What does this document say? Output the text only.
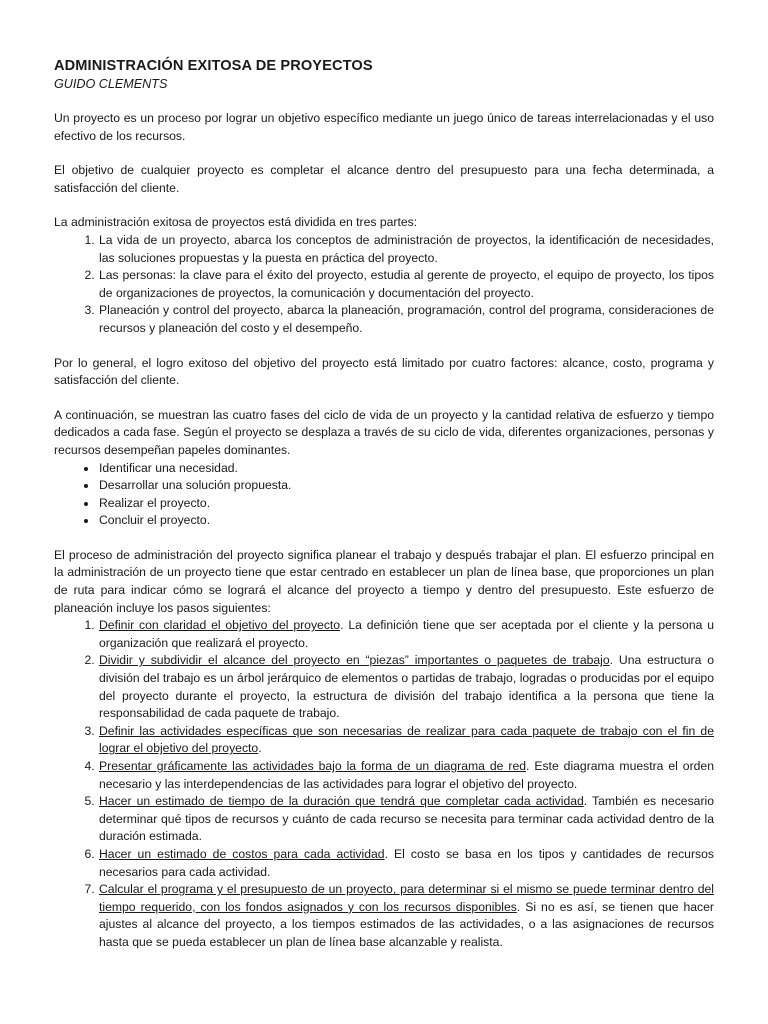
ADMINISTRACIÓN EXITOSA DE PROYECTOS
GUIDO CLEMENTS

Un proyecto es un proceso por lograr un objetivo específico mediante un juego único de tareas interrelacionadas y el uso efectivo de los recursos.

El objetivo de cualquier proyecto es completar el alcance dentro del presupuesto para una fecha determinada, a satisfacción del cliente.

La administración exitosa de proyectos está dividida en tres partes:

1. La vida de un proyecto, abarca los conceptos de administración de proyectos, la identificación de necesidades, las soluciones propuestas y la puesta en práctica del proyecto.
2. Las personas: la clave para el éxito del proyecto, estudia al gerente de proyecto, el equipo de proyecto, los tipos de organizaciones de proyectos, la comunicación y documentación del proyecto.
3. Planeación y control del proyecto, abarca la planeación, programación, control del programa, consideraciones de recursos y planeación del costo y el desempeño.

Por lo general, el logro exitoso del objetivo del proyecto está limitado por cuatro factores: alcance, costo, programa y satisfacción del cliente.

A continuación, se muestran las cuatro fases del ciclo de vida de un proyecto y la cantidad relativa de esfuerzo y tiempo dedicados a cada fase. Según el proyecto se desplaza a través de su ciclo de vida, diferentes organizaciones, personas y recursos desempeñan papeles dominantes.

• Identificar una necesidad.
• Desarrollar una solución propuesta.
• Realizar el proyecto.
• Concluir el proyecto.

El proceso de administración del proyecto significa planear el trabajo y después trabajar el plan. El esfuerzo principal en la administración de un proyecto tiene que estar centrado en establecer un plan de línea base, que proporciones un plan de ruta para indicar cómo se logrará el alcance del proyecto a tiempo y dentro del presupuesto. Este esfuerzo de planeación incluye los pasos siguientes:

1. Definir con claridad el objetivo del proyecto. La definición tiene que ser aceptada por el cliente y la persona u organización que realizará el proyecto.
2. Dividir y subdividir el alcance del proyecto en “piezas” importantes o paquetes de trabajo. Una estructura o división del trabajo es un árbol jerárquico de elementos o partidas de trabajo, logradas o producidas por el equipo del proyecto durante el proyecto, la estructura de división del trabajo identifica a la persona que tiene la responsabilidad de cada paquete de trabajo.
3. Definir las actividades específicas que son necesarias de realizar para cada paquete de trabajo con el fin de lograr el objetivo del proyecto.
4. Presentar gráficamente las actividades bajo la forma de un diagrama de red. Este diagrama muestra el orden necesario y las interdependencias de las actividades para lograr el objetivo del proyecto.
5. Hacer un estimado de tiempo de la duración que tendrá que completar cada actividad. También es necesario determinar qué tipos de recursos y cuánto de cada recurso se necesita para terminar cada actividad dentro de la duración estimada.
6. Hacer un estimado de costos para cada actividad. El costo se basa en los tipos y cantidades de recursos necesarios para cada actividad.
7. Calcular el programa y el presupuesto de un proyecto, para determinar si el mismo se puede terminar dentro del tiempo requerido, con los fondos asignados y con los recursos disponibles. Si no es así, se tienen que hacer ajustes al alcance del proyecto, a los tiempos estimados de las actividades, o a las asignaciones de recursos hasta que se pueda establecer un plan de línea base alcanzable y realista.
